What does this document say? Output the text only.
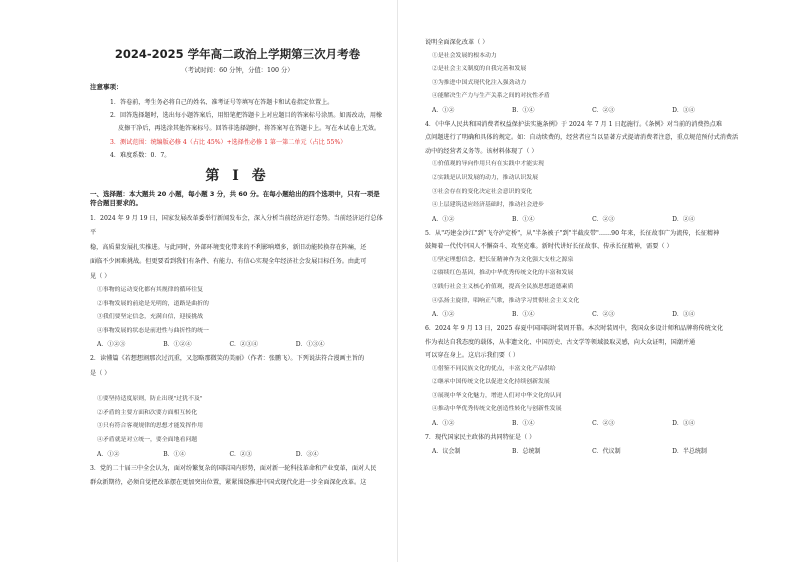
2024-2025 学年高二政治上学期第三次月考卷
（考试时间：60 分钟，分值：100 分）
注意事项：
1．答卷前，考生务必将自己的姓名、准考证号等填写在答题卡和试卷指定位置上。
2．回答选择题时，选出每小题答案后，用铅笔把答题卡上对应题目的答案标号涂黑。如需改动，用橡
皮擦干净后，再选涂其他答案标号。回答非选择题时，将答案写在答题卡上。写在本试卷上无效。
3．测试范围：统编版必修 4（占比 45%）+选择性必修 1 第一第二单元（占比 55%）
4．难度系数：0．7。
第 I 卷
一、选择题：本大题共 20 小题，每小题 3 分，共 60 分。在每小题给出的四个选项中，只有一项是符合题目要求的。
1．2024 年 9 月 19 日，国家发展改革委举行新闻发布会，深入分析当前经济运行态势。当前经济运行总体平
稳，高质量发展扎实推进。与此同时，外部环境变化带来的不利影响增多，新旧动能转换存在阵痛，还
面临不少困难挑战。但更要看到我们有条件、有能力、有信心实现全年经济社会发展目标任务。由此可
见（ ）
①事物的运动变化都有其规律的循环往复
②事物发展的前途是光明的，道路是曲折的
③我们要坚定信念，充满自信，迎接挑战
④事物发展的状态是前进性与曲折性的统一
A．①②③	B．①②④	C．②③④	D．①③④
2．读懂篇《若想想割那次过沉重，又忽略那微笑的美丽》（作者：张鹏飞）。下列说法符合漫画主旨的
是（ ）
①要坚持适度原则，防止出现"过犹不及"
②矛盾的主要方面和次要方面相互转化
③只有符合客观规律的思想才能发挥作用
④矛盾就是对立统一，要全面地看问题
A．①②	B．①④	C．②③	D．③④
3．党的二十届三中全会认为，面对纷繁复杂的国际国内形势，面对新一轮科技革命和产业变革，面对人民
群众新期待，必须自觉把改革摆在更加突出位置，紧紧围绕推进中国式现代化进一步全面深化改革。这
说明全面深化改革（ ）
①是社会发展的根本动力
②是社会主义制度的自我完善和发展
③为推进中国式现代化注入强劲动力
④能解决生产力与生产关系之间的对抗性矛盾
A．①②	B．①④	C．②③	D．③④
4．《中华人民共和国消费者权益保护法实施条例》于 2024 年 7 月 1 日起施行。《条例》对当前的消费热点难
点问题进行了明确和具体的规定。如：自动续费的，经营者应当以显著方式提请消费者注意，重点规范预付式消费活
动中的经营者义务等。该材料体现了（ ）
①价值观的导向作用只有在实践中才能实现
②实践是认识发展的动力，推动认识发展
③社会存在的变化决定社会意识的变化
④上层建筑适应经济基础时，推动社会进步
A．①②	B．①④	C．②③	D．②④
5．从"巧建金沙江"到"飞夺泸定桥"，从"半条被子"到"半截皮带"……90 年来，长征故事广为流传，长征精神
鼓舞着一代代中国人不懈奋斗、攻坚克难。新时代讲好长征故事、传承长征精神，需要（ ）
①坚定理想信念，把长征精神作为文化强大支柱之源泉
②赓续红色基因，推动中华优秀传统文化的丰富和发展
③践行社会主义核心价值观，提高全民族思想道德素质
④弘扬主旋律，唱响正气歌，推动学习贯彻社会主义文化
A．①②	B．①④	C．②③	D．③④
6．2024 年 9 月 13 日，2025 春夏中国国际时装周开幕。本次时装周中，我国众多设计师和品牌将传统文化
作为表达自我态度的载体，从非遗文化、中国历史、古文学等领域汲取灵感，向大众证明，国潮并通
可以穿在身上。这启示我们要（ ）
①借鉴不同民族文化的优点，丰富文化产品供给
②继承中国传统文化以促进文化持续创新发展
③展现中华文化魅力，增进人们对中华文化的认同
④推动中华优秀传统文化创造性转化与创新性发展
A．①②	B．①④	C．②③	D．③④
7．现代国家民主政体的共同特征是（ ）
A．议会制	B．总统制	C．代议制	D．半总统制
